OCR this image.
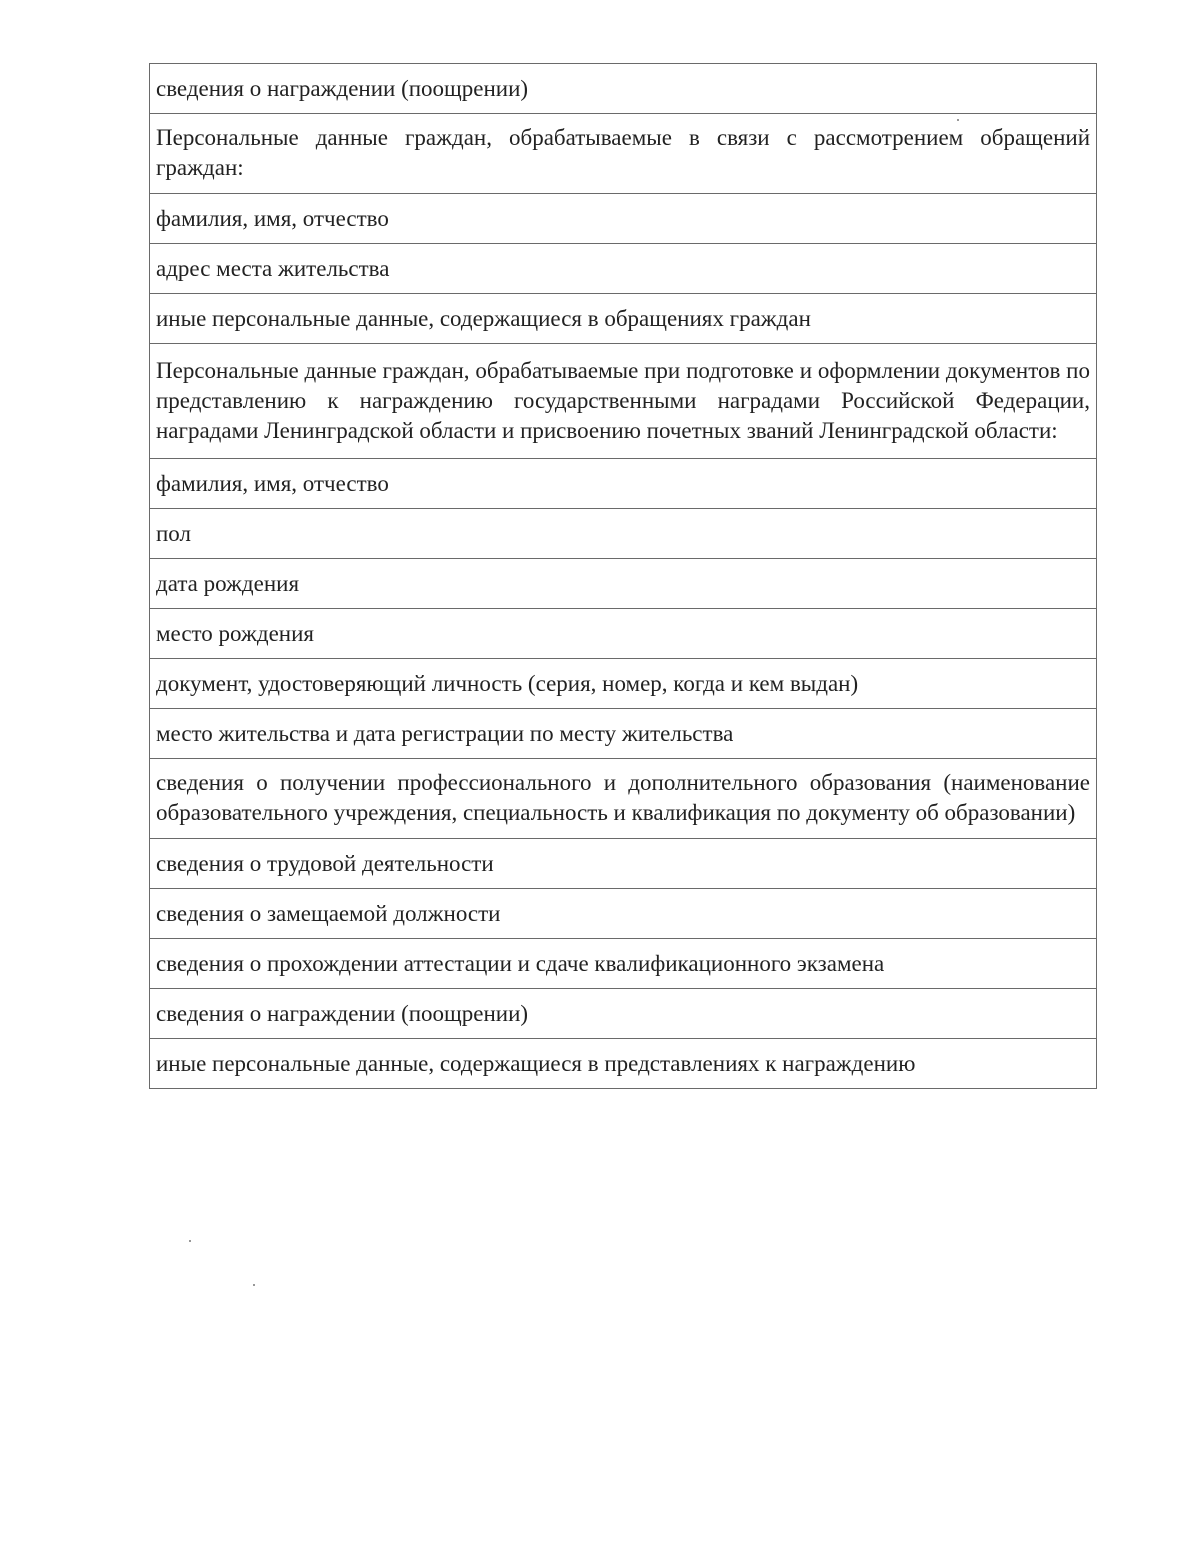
сведения о награждении (поощрении)
Персональные данные граждан, обрабатываемые в связи с рассмотрением обращений граждан:
фамилия, имя, отчество
адрес места жительства
иные персональные данные, содержащиеся в обращениях граждан
Персональные данные граждан, обрабатываемые при подготовке и оформлении документов по представлению к награждению государственными наградами Российской Федерации, наградами Ленинградской области и присвоению почетных званий Ленинградской области:
фамилия, имя, отчество
пол
дата рождения
место рождения
документ, удостоверяющий личность (серия, номер, когда и кем выдан)
место жительства и дата регистрации по месту жительства
сведения о получении профессионального и дополнительного образования (наименование образовательного учреждения, специальность и квалификация по документу об образовании)
сведения о трудовой деятельности
сведения о замещаемой должности
сведения о прохождении аттестации и сдаче квалификационного экзамена
сведения о награждении (поощрении)
иные персональные данные, содержащиеся в представлениях к награждению
